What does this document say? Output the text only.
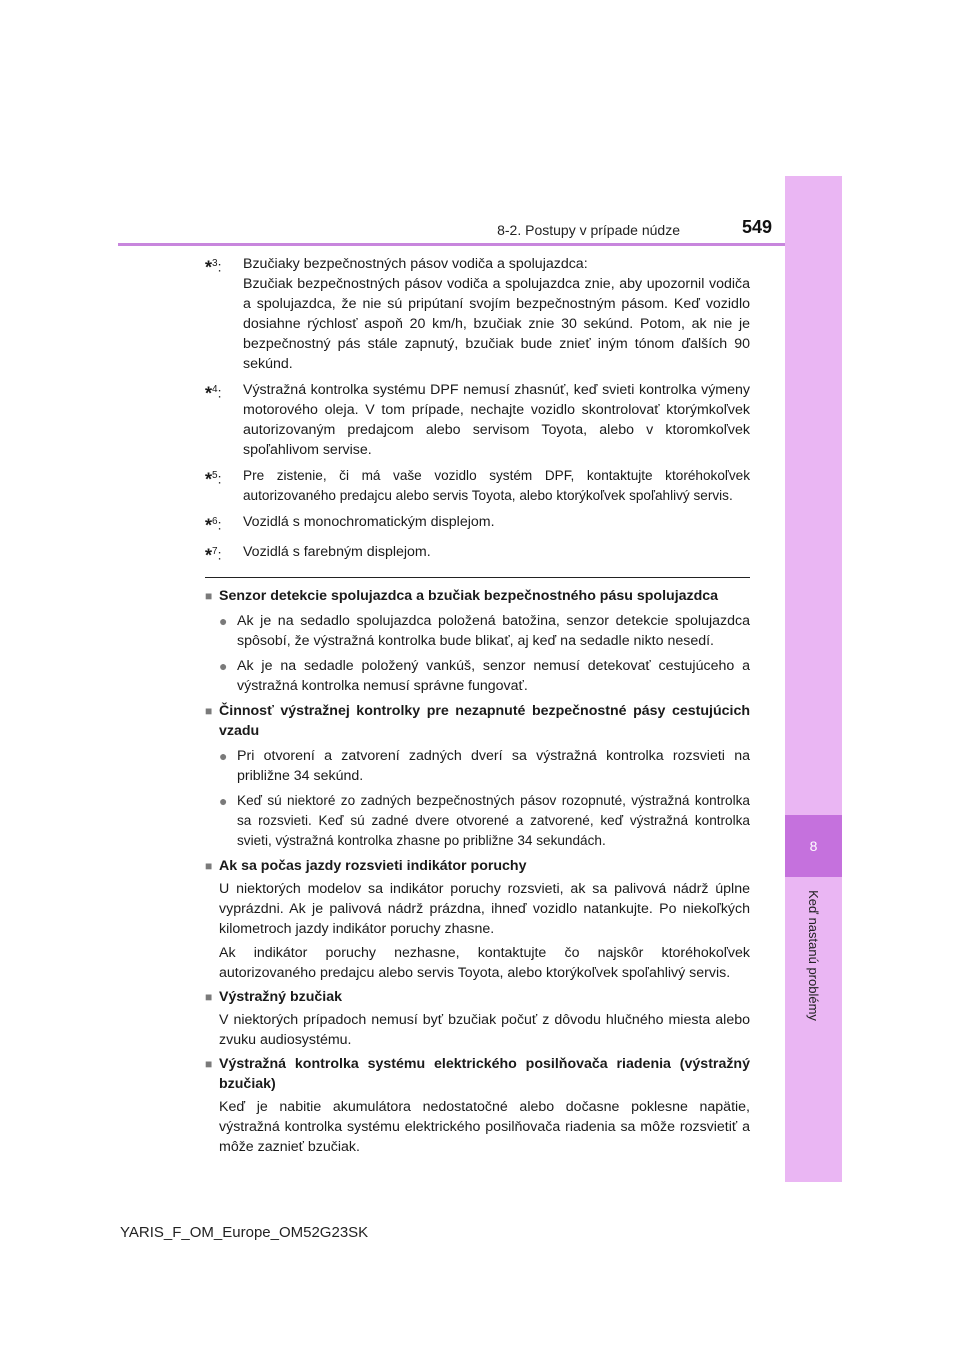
8
Keď nastanú problémy
8-2. Postupy v prípade núdze	549
*$^3$:	Bzučiaky bezpečnostných pásov vodiča a spolujazdca:

Bzučiak bezpečnostných pásov vodiča a spolujazdca znie, aby upozornil vodiča a spolujazdca, že nie sú pripútaní svojím bezpečnostným pásom. Keď vozidlo dosiahne rýchlosť aspoň 20 km/h, bzučiak znie 30 sekúnd. Potom, ak nie je bezpečnostný pás stále zapnutý, bzučiak bude znieť iným tónom ďalších 90 sekúnd.

*$^4$:	Výstražná kontrolka systému DPF nemusí zhasnúť, keď svieti kontrolka výmeny motorového oleja. V tom prípade, nechajte vozidlo skontrolovať ktorýmkoľvek autorizovaným predajcom alebo servisom Toyota, alebo v ktoromkoľvek spoľahlivom servise.

*$^5$:	Pre zistenie, či má vaše vozidlo systém DPF, kontaktujte ktoréhokoľvek autorizovaného predajcu alebo servis Toyota, alebo ktorýkoľvek spoľahlivý servis.

*$^6$:	Vozidlá s monochromatickým displejom.

*$^7$:	Vozidlá s farebným displejom.

■ Senzor detekcie spolujazdca a bzučiak bezpečnostného pásu spolujazdca
● Ak je na sedadlo spolujazdca položená batožina, senzor detekcie spolujazdca spôsobí, že výstražná kontrolka bude blikať, aj keď na sedadle nikto nesedí.
● Ak je na sedadle položený vankúš, senzor nemusí detekovať cestujúceho a výstražná kontrolka nemusí správne fungovať.
■ Činnosť výstražnej kontrolky pre nezapnuté bezpečnostné pásy cestujúcich vzadu
● Pri otvorení a zatvorení zadných dverí sa výstražná kontrolka rozsvieti na približne 34 sekúnd.
● Keď sú niektoré zo zadných bezpečnostných pásov rozopnuté, výstražná kontrolka sa rozsvieti. Keď sú zadné dvere otvorené a zatvorené, keď výstražná kontrolka svieti, výstražná kontrolka zhasne po približne 34 sekundách.
■ Ak sa počas jazdy rozsvieti indikátor poruchy
U niektorých modelov sa indikátor poruchy rozsvieti, ak sa palivová nádrž úplne vyprázdni. Ak je palivová nádrž prázdna, ihneď vozidlo natankujte. Po niekoľkých kilometroch jazdy indikátor poruchy zhasne.
Ak indikátor poruchy nezhasne, kontaktujte čo najskôr ktoréhokoľvek autorizovaného predajcu alebo servis Toyota, alebo ktorýkoľvek spoľahlivý servis.
■ Výstražný bzučiak
V niektorých prípadoch nemusí byť bzučiak počuť z dôvodu hlučného miesta alebo zvuku audiosystému.
■ Výstražná kontrolka systému elektrického posilňovača riadenia (výstražný bzučiak)
Keď je nabitie akumulátora nedostatočné alebo dočasne poklesne napätie, výstražná kontrolka systému elektrického posilňovača riadenia sa môže rozsvietiť a môže zaznieť bzučiak.
YARIS_F_OM_Europe_OM52G23SK
